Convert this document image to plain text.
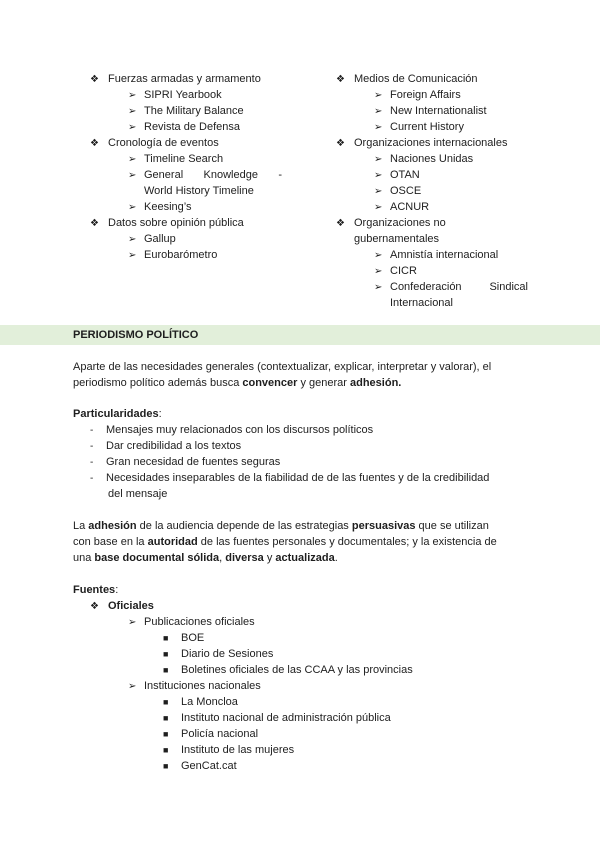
❖ Fuerzas armadas y armamento
➢ SIPRI Yearbook
➢ The Military Balance
➢ Revista de Defensa
❖ Cronología de eventos
➢ Timeline Search
➢ General Knowledge -
World History Timeline
➢ Keesing’s
❖ Datos sobre opinión pública
➢ Gallup
➢ Eurobarómetro
❖ Medios de Comunicación
➢ Foreign Affairs
➢ New Internationalist
➢ Current History
❖ Organizaciones internacionales
➢ Naciones Unidas
➢ OTAN
➢ OSCE
➢ ACNUR
❖ Organizaciones no
gubernamentales
➢ Amnistía internacional
➢ CICR
➢ Confederación	Sindical
Internacional
PERIODISMO POLÍTICO
Aparte de las necesidades generales (contextualizar, explicar, interpretar y valorar), el
periodismo político además busca convencer y generar adhesión.
Particularidades:
- Mensajes muy relacionados con los discursos políticos
- Dar credibilidad a los textos
- Gran necesidad de fuentes seguras
- Necesidades inseparables de la fiabilidad de de las fuentes y de la credibilidad
del mensaje
La adhesión de la audiencia depende de las estrategias persuasivas que se utilizan
con base en la autoridad de las fuentes personales y documentales; y la existencia de
una base documental sólida, diversa y actualizada.
Fuentes:
❖ Oficiales
➢ Publicaciones oficiales
■ BOE
■ Diario de Sesiones
■ Boletines oficiales de las CCAA y las provincias
➢ Instituciones nacionales
■ La Moncloa
■ Instituto nacional de administración pública
■ Policía nacional
■ Instituto de las mujeres
■ GenCat.cat
